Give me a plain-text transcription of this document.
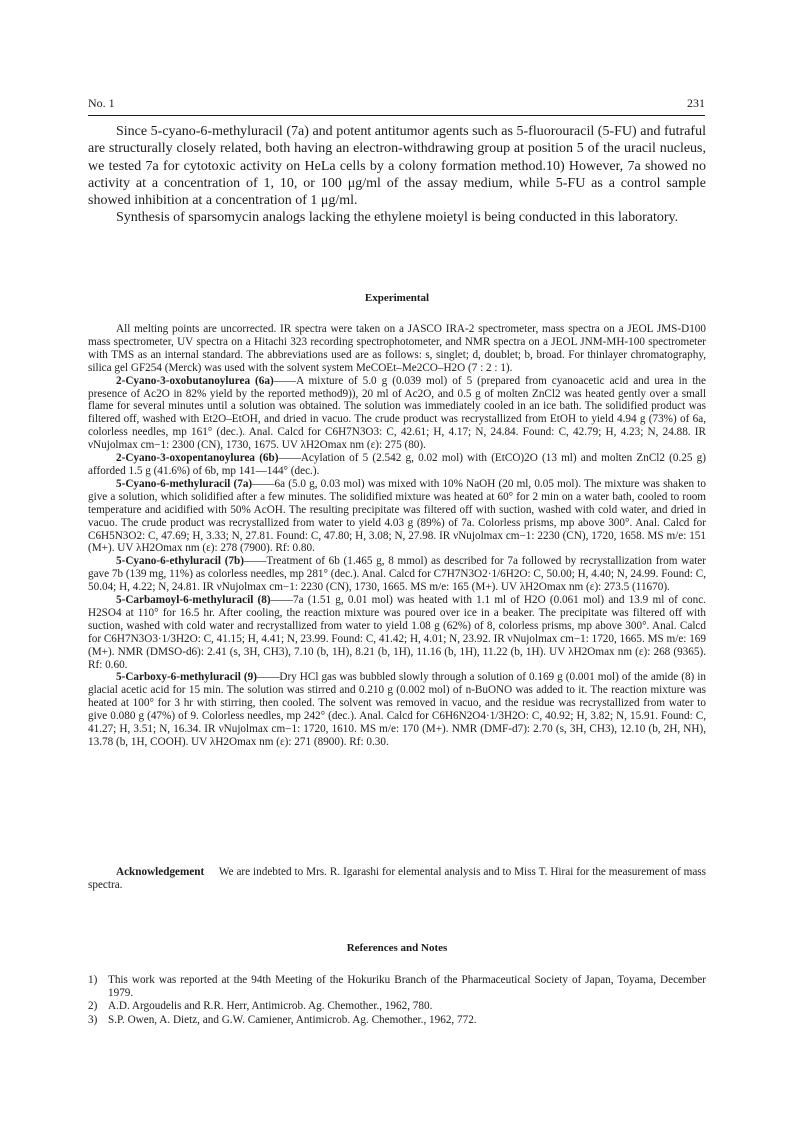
No. 1	231

Since 5-cyano-6-methyluracil (7a) and potent antitumor agents such as 5-fluorouracil (5-FU) and futraful are structurally closely related, both having an electron-withdrawing group at position 5 of the uracil nucleus, we tested 7a for cytotoxic activity on HeLa cells by a colony formation method.10) However, 7a showed no activity at a concentration of 1, 10, or 100 μg/ml of the assay medium, while 5-FU as a control sample showed inhibition at a concentration of 1 μg/ml.

Synthesis of sparsomycin analogs lacking the ethylene moietyl is being conducted in this laboratory.

Experimental

All melting points are uncorrected. IR spectra were taken on a JASCO IRA-2 spectrometer, mass spectra on a JEOL JMS-D100 mass spectrometer, UV spectra on a Hitachi 323 recording spectrophotometer, and NMR spectra on a JEOL JNM-MH-100 spectrometer with TMS as an internal standard. The abbreviations used are as follows: s, singlet; d, doublet; b, broad. For thinlayer chromatography, silica gel GF254 (Merck) was used with the solvent system MeCOEt–Me2CO–H2O (7 : 2 : 1).

2-Cyano-3-oxobutanoylurea (6a)——A mixture of 5.0 g (0.039 mol) of 5 (prepared from cyanoacetic acid and urea in the presence of Ac2O in 82% yield by the reported method9)), 20 ml of Ac2O, and 0.5 g of molten ZnCl2 was heated gently over a small flame for several minutes until a solution was obtained. The solution was immediately cooled in an ice bath. The solidified product was filtered off, washed with Et2O–EtOH, and dried in vacuo. The crude product was recrystallized from EtOH to yield 4.94 g (73%) of 6a, colorless needles, mp 161° (dec.). Anal. Calcd for C6H7N3O3: C, 42.61; H, 4.17; N, 24.84. Found: C, 42.79; H, 4.23; N, 24.88. IR νNujolmax cm−1: 2300 (CN), 1730, 1675. UV λH2Omax nm (ε): 275 (80).

2-Cyano-3-oxopentanoylurea (6b)——Acylation of 5 (2.542 g, 0.02 mol) with (EtCO)2O (13 ml) and molten ZnCl2 (0.25 g) afforded 1.5 g (41.6%) of 6b, mp 141—144° (dec.).

5-Cyano-6-methyluracil (7a)——6a (5.0 g, 0.03 mol) was mixed with 10% NaOH (20 ml, 0.05 mol). The mixture was shaken to give a solution, which solidified after a few minutes. The solidified mixture was heated at 60° for 2 min on a water bath, cooled to room temperature and acidified with 50% AcOH. The resulting precipitate was filtered off with suction, washed with cold water, and dried in vacuo. The crude product was recrystallized from water to yield 4.03 g (89%) of 7a. Colorless prisms, mp above 300°. Anal. Calcd for C6H5N3O2: C, 47.69; H, 3.33; N, 27.81. Found: C, 47.80; H, 3.08; N, 27.98. IR νNujolmax cm−1: 2230 (CN), 1720, 1658. MS m/e: 151 (M+). UV λH2Omax nm (ε): 278 (7900). Rf: 0.80.

5-Cyano-6-ethyluracil (7b)——Treatment of 6b (1.465 g, 8 mmol) as described for 7a followed by recrystallization from water gave 7b (139 mg, 11%) as colorless needles, mp 281° (dec.). Anal. Calcd for C7H7N3O2·1/6H2O: C, 50.00; H, 4.40; N, 24.99. Found: C, 50.04; H, 4.22; N, 24.81. IR νNujolmax cm−1: 2230 (CN), 1730, 1665. MS m/e: 165 (M+). UV λH2Omax nm (ε): 273.5 (11670).

5-Carbamoyl-6-methyluracil (8)——7a (1.51 g, 0.01 mol) was heated with 1.1 ml of H2O (0.061 mol) and 13.9 ml of conc. H2SO4 at 110° for 16.5 hr. After cooling, the reaction mixture was poured over ice in a beaker. The precipitate was filtered off with suction, washed with cold water and recrystallized from water to yield 1.08 g (62%) of 8, colorless prisms, mp above 300°. Anal. Calcd for C6H7N3O3·1/3H2O: C, 41.15; H, 4.41; N, 23.99. Found: C, 41.42; H, 4.01; N, 23.92. IR νNujolmax cm−1: 1720, 1665. MS m/e: 169 (M+). NMR (DMSO-d6): 2.41 (s, 3H, CH3), 7.10 (b, 1H), 8.21 (b, 1H), 11.16 (b, 1H), 11.22 (b, 1H). UV λH2Omax nm (ε): 268 (9365). Rf: 0.60.

5-Carboxy-6-methyluracil (9)——Dry HCl gas was bubbled slowly through a solution of 0.169 g (0.001 mol) of the amide (8) in glacial acetic acid for 15 min. The solution was stirred and 0.210 g (0.002 mol) of n-BuONO was added to it. The reaction mixture was heated at 100° for 3 hr with stirring, then cooled. The solvent was removed in vacuo, and the residue was recrystallized from water to give 0.080 g (47%) of 9. Colorless needles, mp 242° (dec.). Anal. Calcd for C6H6N2O4·1/3H2O: C, 40.92; H, 3.82; N, 15.91. Found: C, 41.27; H, 3.51; N, 16.34. IR νNujolmax cm−1: 1720, 1610. MS m/e: 170 (M+). NMR (DMF-d7): 2.70 (s, 3H, CH3), 12.10 (b, 2H, NH), 13.78 (b, 1H, COOH). UV λH2Omax nm (ε): 271 (8900). Rf: 0.30.

Acknowledgement We are indebted to Mrs. R. Igarashi for elemental analysis and to Miss T. Hirai for the measurement of mass spectra.

References and Notes

1) This work was reported at the 94th Meeting of the Hokuriku Branch of the Pharmaceutical Society of Japan, Toyama, December 1979.

2) A.D. Argoudelis and R.R. Herr, Antimicrob. Ag. Chemother., 1962, 780.

3) S.P. Owen, A. Dietz, and G.W. Camiener, Antimicrob. Ag. Chemother., 1962, 772.
